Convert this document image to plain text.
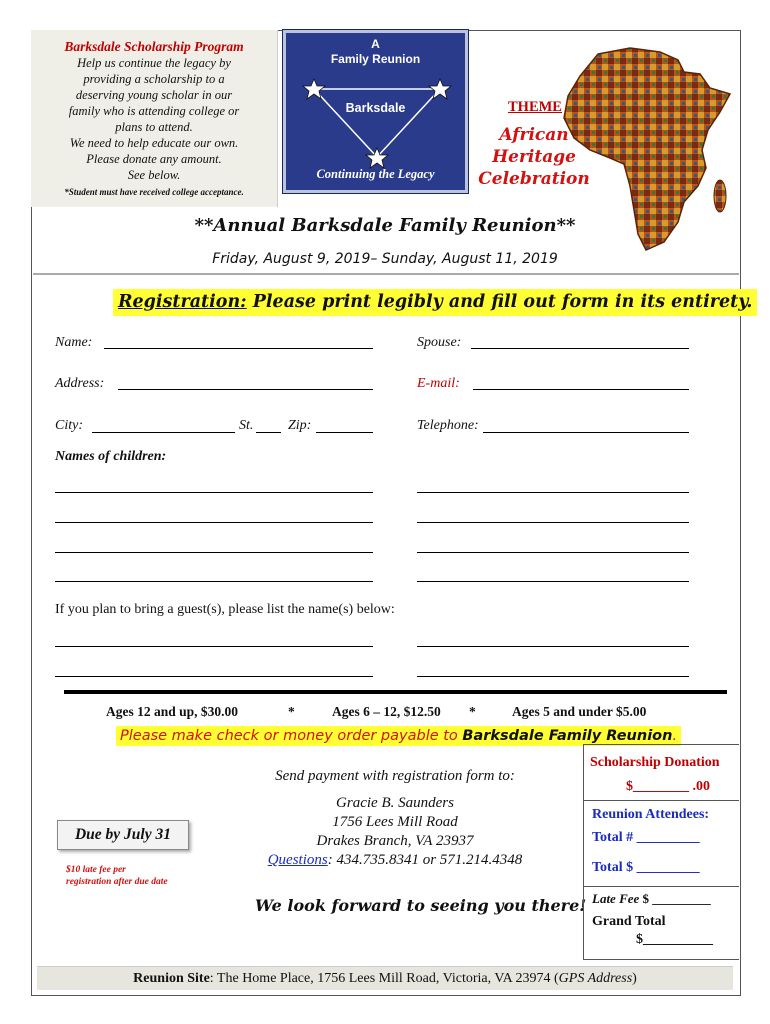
Barksdale Scholarship Program
Help us continue the legacy by
providing a scholarship to a
deserving young scholar in our
family who is attending college or
plans to attend.
We need to help educate our own.
Please donate any amount.
See below.
*Student must have received college acceptance.
A
Family Reunion
Barksdale
Continuing the Legacy
THEME
African Heritage
Celebration
**Annual Barksdale Family Reunion**
Friday, August 9, 2019– Sunday, August 11, 2019
Registration: Please print legibly and fill out form in its entirety.
Name:	Spouse:
Address:	E-mail:
City:	St. Zip:	Telephone:
Names of children:
If you plan to bring a guest(s), please list the name(s) below:
Ages 12 and up, $30.00	*	Ages 6 – 12, $12.50 *	Ages 5 and under $5.00
Please make check or money order payable to Barksdale Family Reunion.
Send payment with registration form to:
Gracie B. Saunders
1756 Lees Mill Road
Drakes Branch, VA 23937
Questions: 434.735.8341 or 571.214.4348
Due by July 31
$10 late fee per
registration after due date
We look forward to seeing you there!
Scholarship Donation
$________ .00
Reunion Attendees:
Total # _________
Total $ _________
Late Fee $ _________
Grand Total
$__________
Reunion Site: The Home Place, 1756 Lees Mill Road, Victoria, VA 23974 (GPS Address)
